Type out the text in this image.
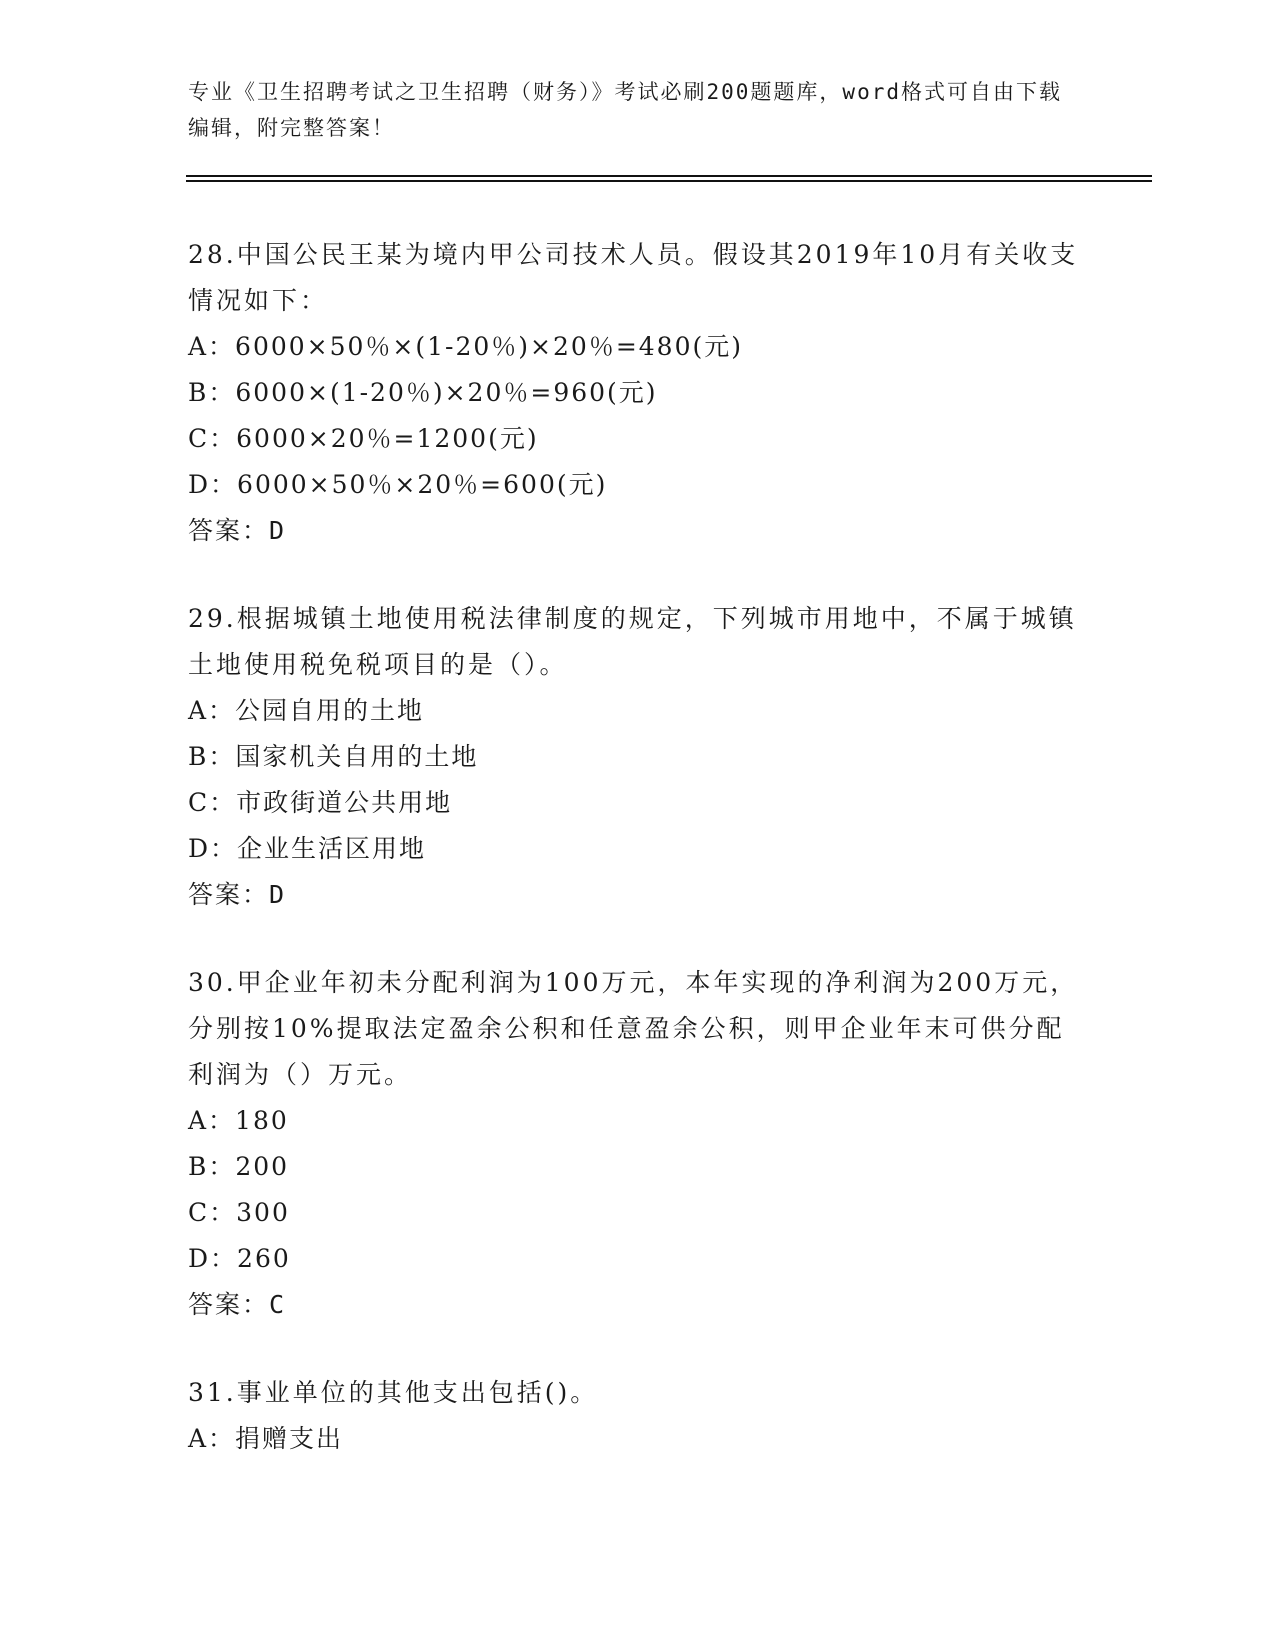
专业《卫生招聘考试之卫生招聘（财务）》考试必刷200题题库，word格式可自由下载编辑，附完整答案！

28.中国公民王某为境内甲公司技术人员。假设其2019年10月有关收支情况如下：

A：6000×50％×(1-20％)×20％=480(元)

B：6000×(1-20％)×20％=960(元)

C：6000×20％=1200(元)

D：6000×50％×20％=600(元)

答案：D

29.根据城镇土地使用税法律制度的规定，下列城市用地中，不属于城镇土地使用税免税项目的是（）。

A：公园自用的土地

B：国家机关自用的土地

C：市政街道公共用地

D：企业生活区用地

答案：D

30.甲企业年初未分配利润为100万元，本年实现的净利润为200万元，分别按10%提取法定盈余公积和任意盈余公积，则甲企业年末可供分配利润为（）万元。

A：180

B：200

C：300

D：260

答案：C

31.事业单位的其他支出包括()。

A：捐赠支出
